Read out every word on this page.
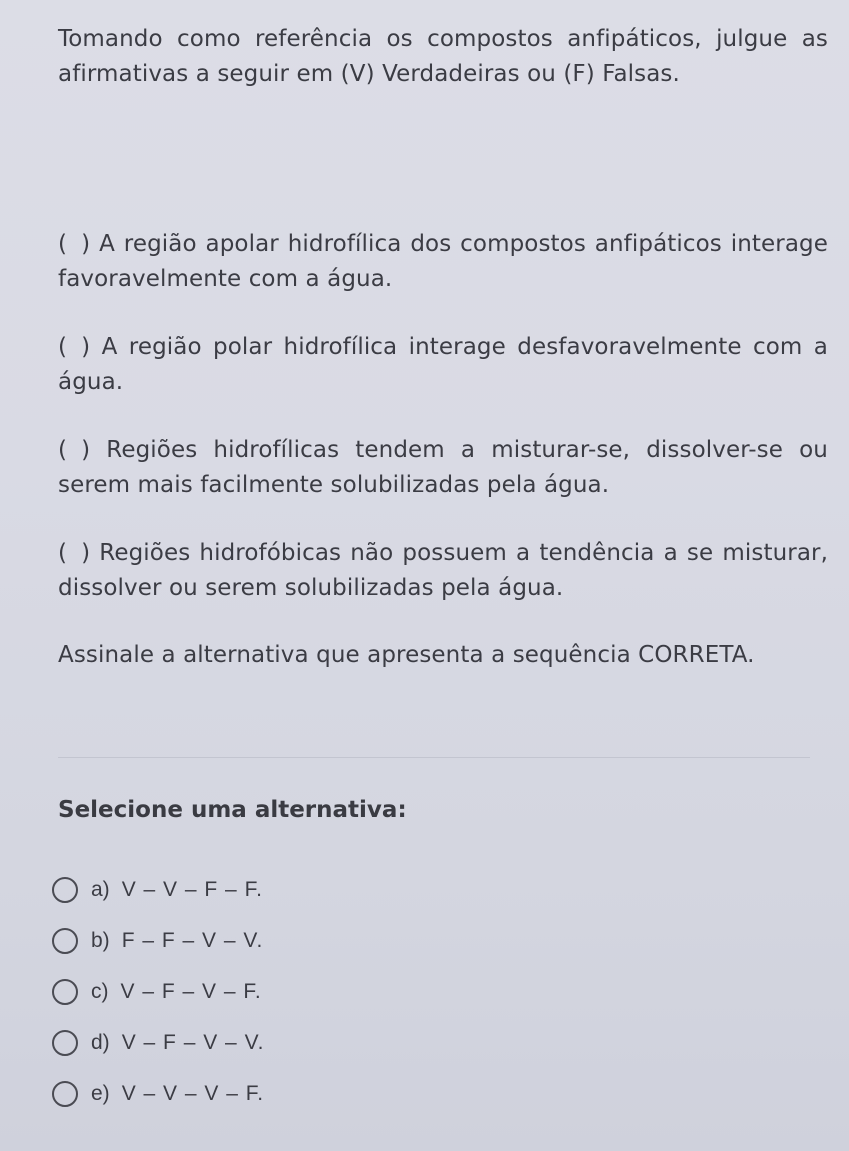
Tomando como referência os compostos anfipáticos, julgue as afirmativas a seguir em (V) Verdadeiras ou (F) Falsas.

( ) A região apolar hidrofílica dos compostos anfipáticos interage favoravelmente com a água.

( ) A região polar hidrofílica interage desfavoravelmente com a água.

( ) Regiões hidrofílicas tendem a misturar-se, dissolver-se ou serem mais facilmente solubilizadas pela água.

( ) Regiões hidrofóbicas não possuem a tendência a se misturar, dissolver ou serem solubilizadas pela água.

Assinale a alternativa que apresenta a sequência CORRETA.

Selecione uma alternativa:
a) V – V – F – F.
b) F – F – V – V.
c) V – F – V – F.
d) V – F – V – V.
e) V – V – V – F.
